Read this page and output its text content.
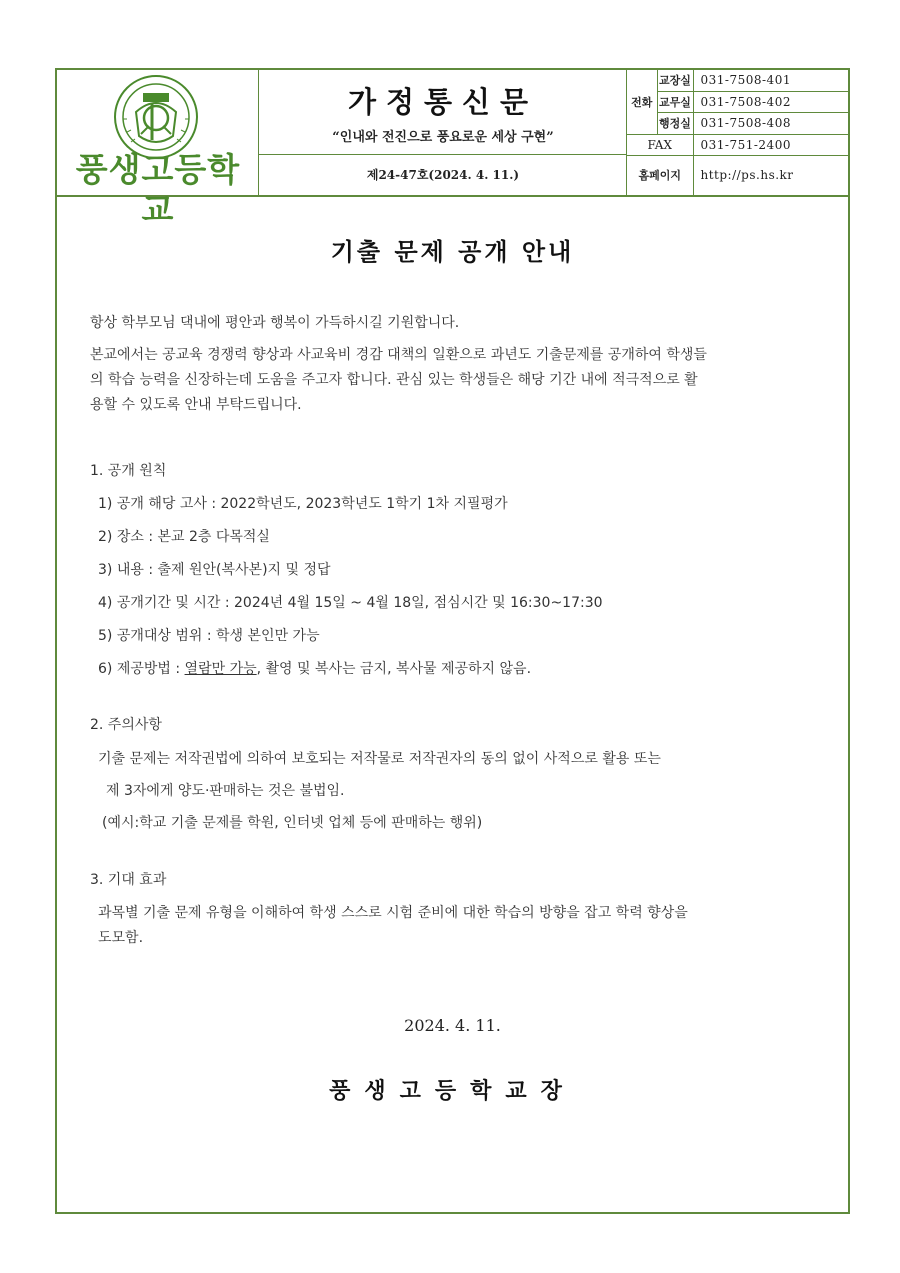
풍생고등학교
가정통신문
“인내와 전진으로 풍요로운 세상 구현”
제24-47호(2024. 4. 11.)
전화	교장실	031-7508-401
	교무실	031-7508-402
	행정실	031-7508-408
FAX		031-751-2400
홈페이지		http://ps.hs.kr
기출 문제 공개 안내
항상 학부모님 댁내에 평안과 행복이 가득하시길 기원합니다.
본교에서는 공교육 경쟁력 향상과 사교육비 경감 대책의 일환으로 과년도 기출문제를 공개하여 학생들
의 학습 능력을 신장하는데 도움을 주고자 합니다. 관심 있는 학생들은 해당 기간 내에 적극적으로 활
용할 수 있도록 안내 부탁드립니다.
1. 공개 원칙
1) 공개 해당 고사 : 2022학년도, 2023학년도 1학기 1차 지필평가
2) 장소 : 본교 2층 다목적실
3) 내용 : 출제 원안(복사본)지 및 정답
4) 공개기간 및 시간 : 2024년 4월 15일 ~ 4월 18일, 점심시간 및 16:30~17:30
5) 공개대상 범위 : 학생 본인만 가능
6) 제공방법 : 열람만 가능, 촬영 및 복사는 금지, 복사물 제공하지 않음.
2. 주의사항
기출 문제는 저작권법에 의하여 보호되는 저작물로 저작권자의 동의 없이 사적으로 활용 또는
제 3자에게 양도·판매하는 것은 불법임.
(예시:학교 기출 문제를 학원, 인터넷 업체 등에 판매하는 행위)
3. 기대 효과
과목별 기출 문제 유형을 이해하여 학생 스스로 시험 준비에 대한 학습의 방향을 잡고 학력 향상을
도모함.
2024. 4. 11.
풍생고등학교장
